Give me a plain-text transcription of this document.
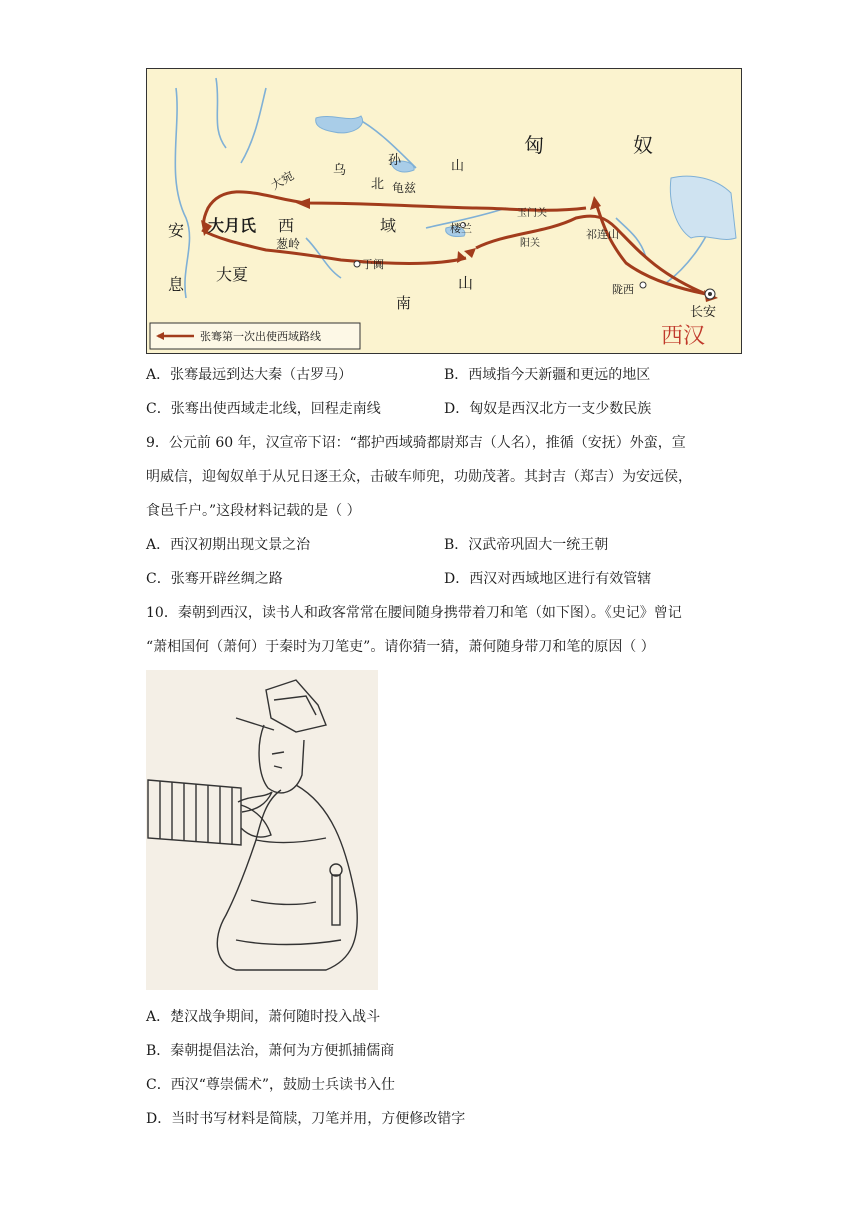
匈	奴
乌
孙	山
北 龟兹
大宛
大月氏 西	域
安
息
葱岭
大夏
于阗
楼兰
玉门关
阳关
祁连山
陇西
长安
南
山
西汉
张骞第一次出使西域路线
A．张骞最远到达大秦（古罗马）	B．西域指今天新疆和更远的地区
C．张骞出使西域走北线，回程走南线	D．匈奴是西汉北方一支少数民族
9．公元前 60 年，汉宣帝下诏：“都护西域骑都尉郑吉（人名），推循（安抚）外蛮，宣
明威信，迎匈奴单于从兄日逐王众，击破车师兜，功勋茂著。其封吉（郑吉）为安远侯，
食邑千户。”这段材料记载的是（ ）
A．西汉初期出现文景之治	B．汉武帝巩固大一统王朝
C．张骞开辟丝绸之路	D．西汉对西域地区进行有效管辖
10．秦朝到西汉，读书人和政客常常在腰间随身携带着刀和笔（如下图）。《史记》曾记
“萧相国何（萧何）于秦时为刀笔吏”。请你猜一猜，萧何随身带刀和笔的原因（ ）
A．楚汉战争期间，萧何随时投入战斗
B．秦朝提倡法治，萧何为方便抓捕儒商
C．西汉“尊崇儒术”，鼓励士兵读书入仕
D．当时书写材料是简牍，刀笔并用，方便修改错字
